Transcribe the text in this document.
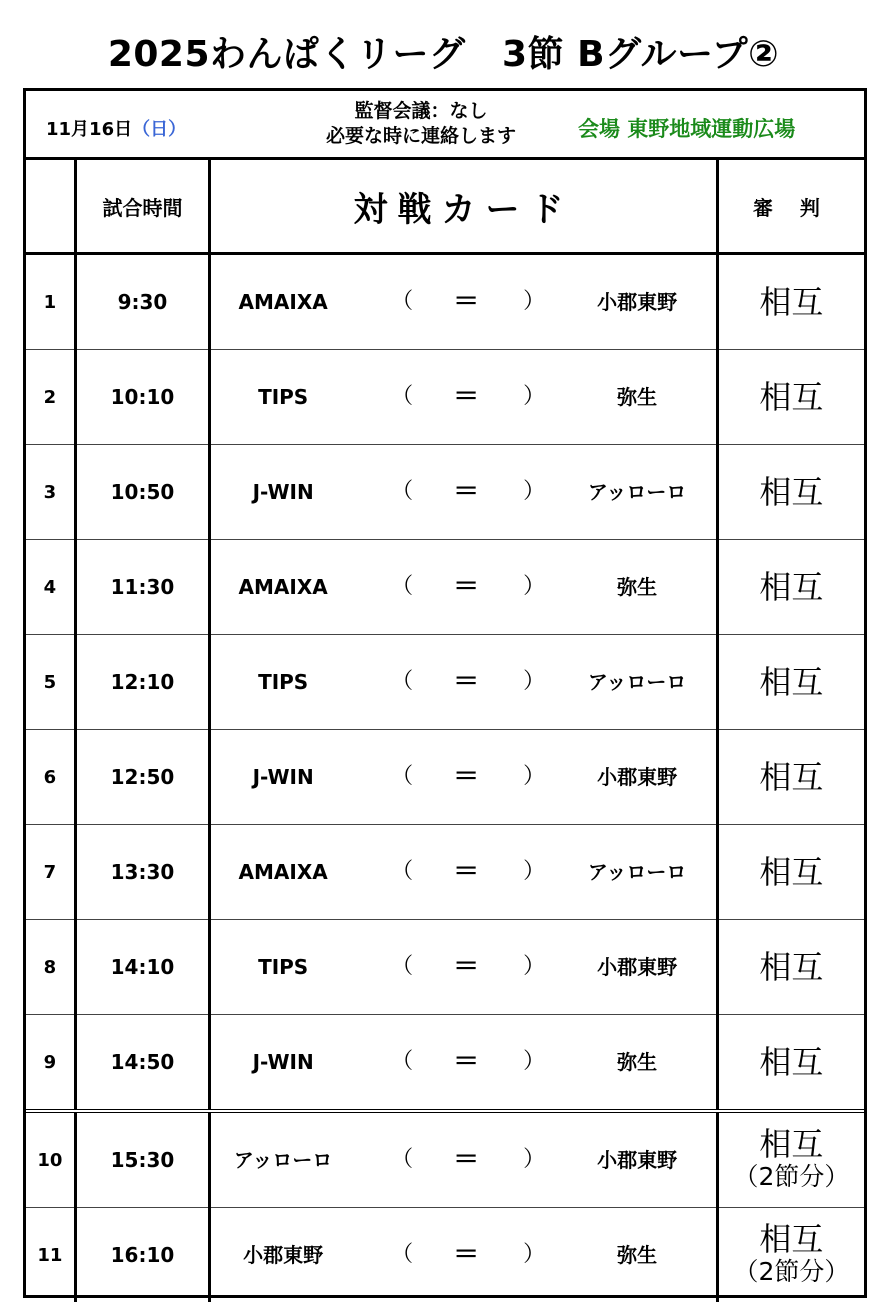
2025わんぱくリーグ　3節 Bグループ②
11月16日（日）
監督会議：なし
必要な時に連絡します	会場 東野地域運動広場
	試合時間	対戦カード	審 判
1	9:30	AMAIXA （ ＝ ） 小郡東野	相互

2	10:10	TIPS （ ＝ ） 弥生	相互

3	10:50	J-WIN （ ＝ ） アッローロ	相互

4	11:30	AMAIXA （ ＝ ） 弥生	相互

5	12:10	TIPS （ ＝ ） アッローロ	相互

6	12:50	J-WIN （ ＝ ） 小郡東野	相互

7	13:30	AMAIXA （ ＝ ） アッローロ	相互

8	14:10	TIPS （ ＝ ） 小郡東野	相互

9	14:50	J-WIN （ ＝ ） 弥生	相互

10	15:30	アッローロ （ ＝ ） 小郡東野	相互
（2節分）

11	16:10	小郡東野 （ ＝ ） 弥生	相互
（2節分）
